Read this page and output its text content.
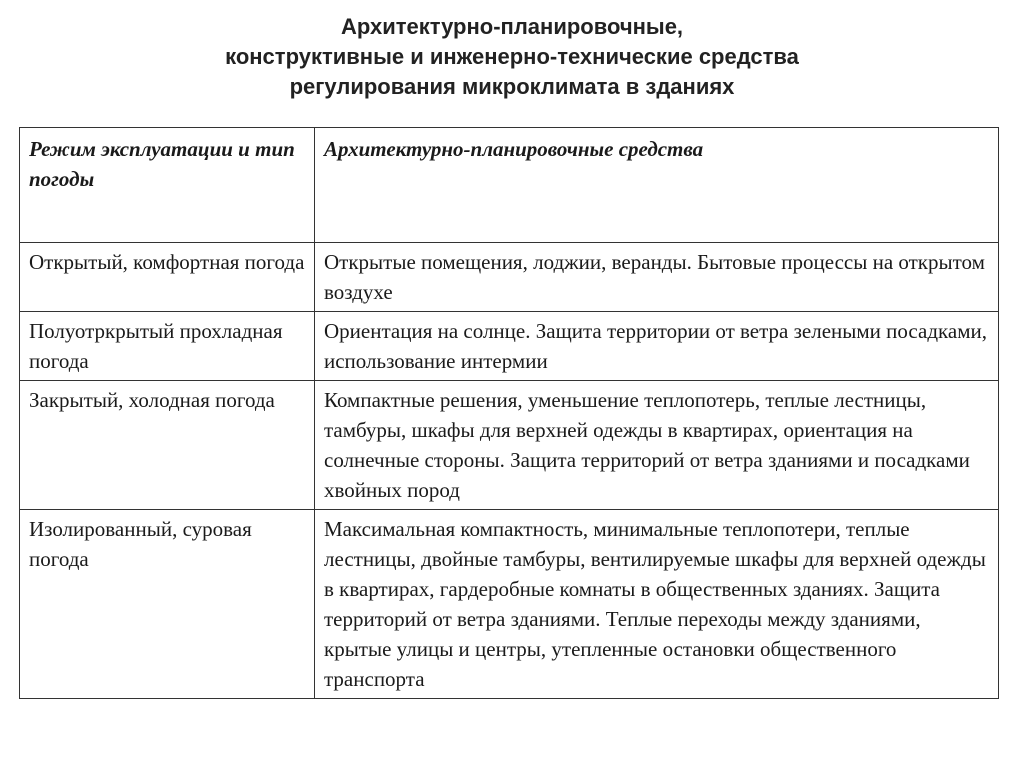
Архитектурно-планировочные,
конструктивные и инженерно-технические средства
регулирования микроклимата в зданиях
Режим эксплуатации и тип погоды	Архитектурно-планировочные средства
Открытый, комфортная погода	Открытые помещения, лоджии, веранды. Бытовые процессы на открытом воздухе
Полуотркрытый прохладная погода	Ориентация на солнце. Защита территории от ветра зелеными посадками, использование интермии
Закрытый, холодная погода	Компактные решения, уменьшение теплопотерь, теплые лестницы, тамбуры, шкафы для верхней одежды в квартирах, ориентация на солнечные стороны. Защита территорий от ветра зданиями и посадками хвойных пород
Изолированный, суровая погода	Максимальная компактность, минимальные теплопотери, теплые лестницы, двойные тамбуры, вентилируемые шкафы для верхней одежды в квартирах, гардеробные комнаты в общественных зданиях. Защита территорий от ветра зданиями. Теплые переходы между зданиями, крытые улицы и центры, утепленные остановки общественного транспорта
